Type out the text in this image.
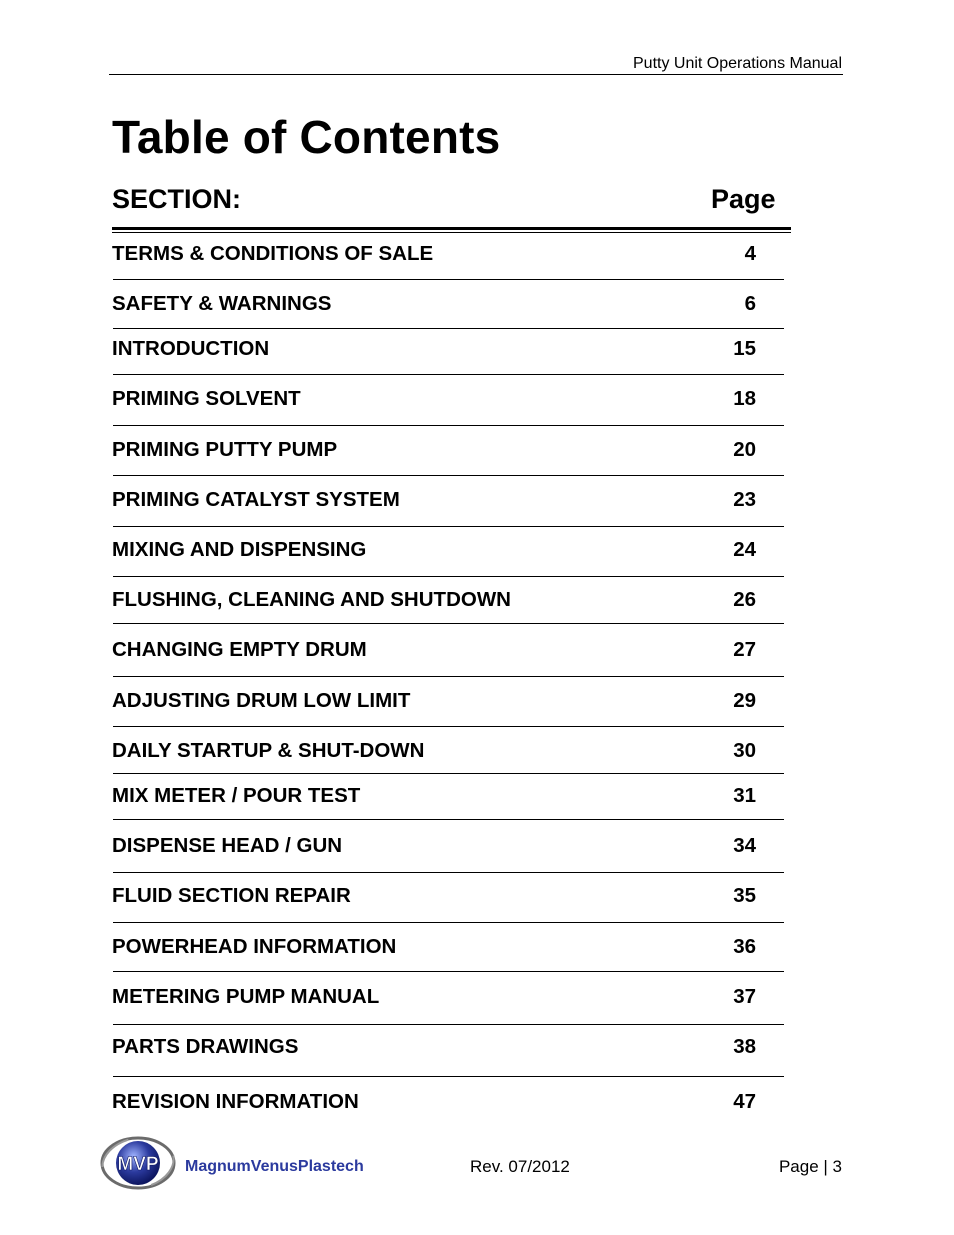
Putty Unit Operations Manual
Table of Contents
SECTION:	Page
TERMS & CONDITIONS OF SALE	4
SAFETY & WARNINGS	6
INTRODUCTION	15
PRIMING SOLVENT	18
PRIMING PUTTY PUMP	20
PRIMING CATALYST SYSTEM	23
MIXING AND DISPENSING	24
FLUSHING, CLEANING AND SHUTDOWN	26
CHANGING EMPTY DRUM	27
ADJUSTING DRUM LOW LIMIT	29
DAILY STARTUP & SHUT-DOWN	30
MIX METER / POUR TEST	31
DISPENSE HEAD / GUN	34
FLUID SECTION REPAIR	35
POWERHEAD INFORMATION	36
METERING PUMP MANUAL	37
PARTS DRAWINGS	38
REVISION INFORMATION	47
MVP MagnumVenusPlastech	Rev. 07/2012	Page | 3
